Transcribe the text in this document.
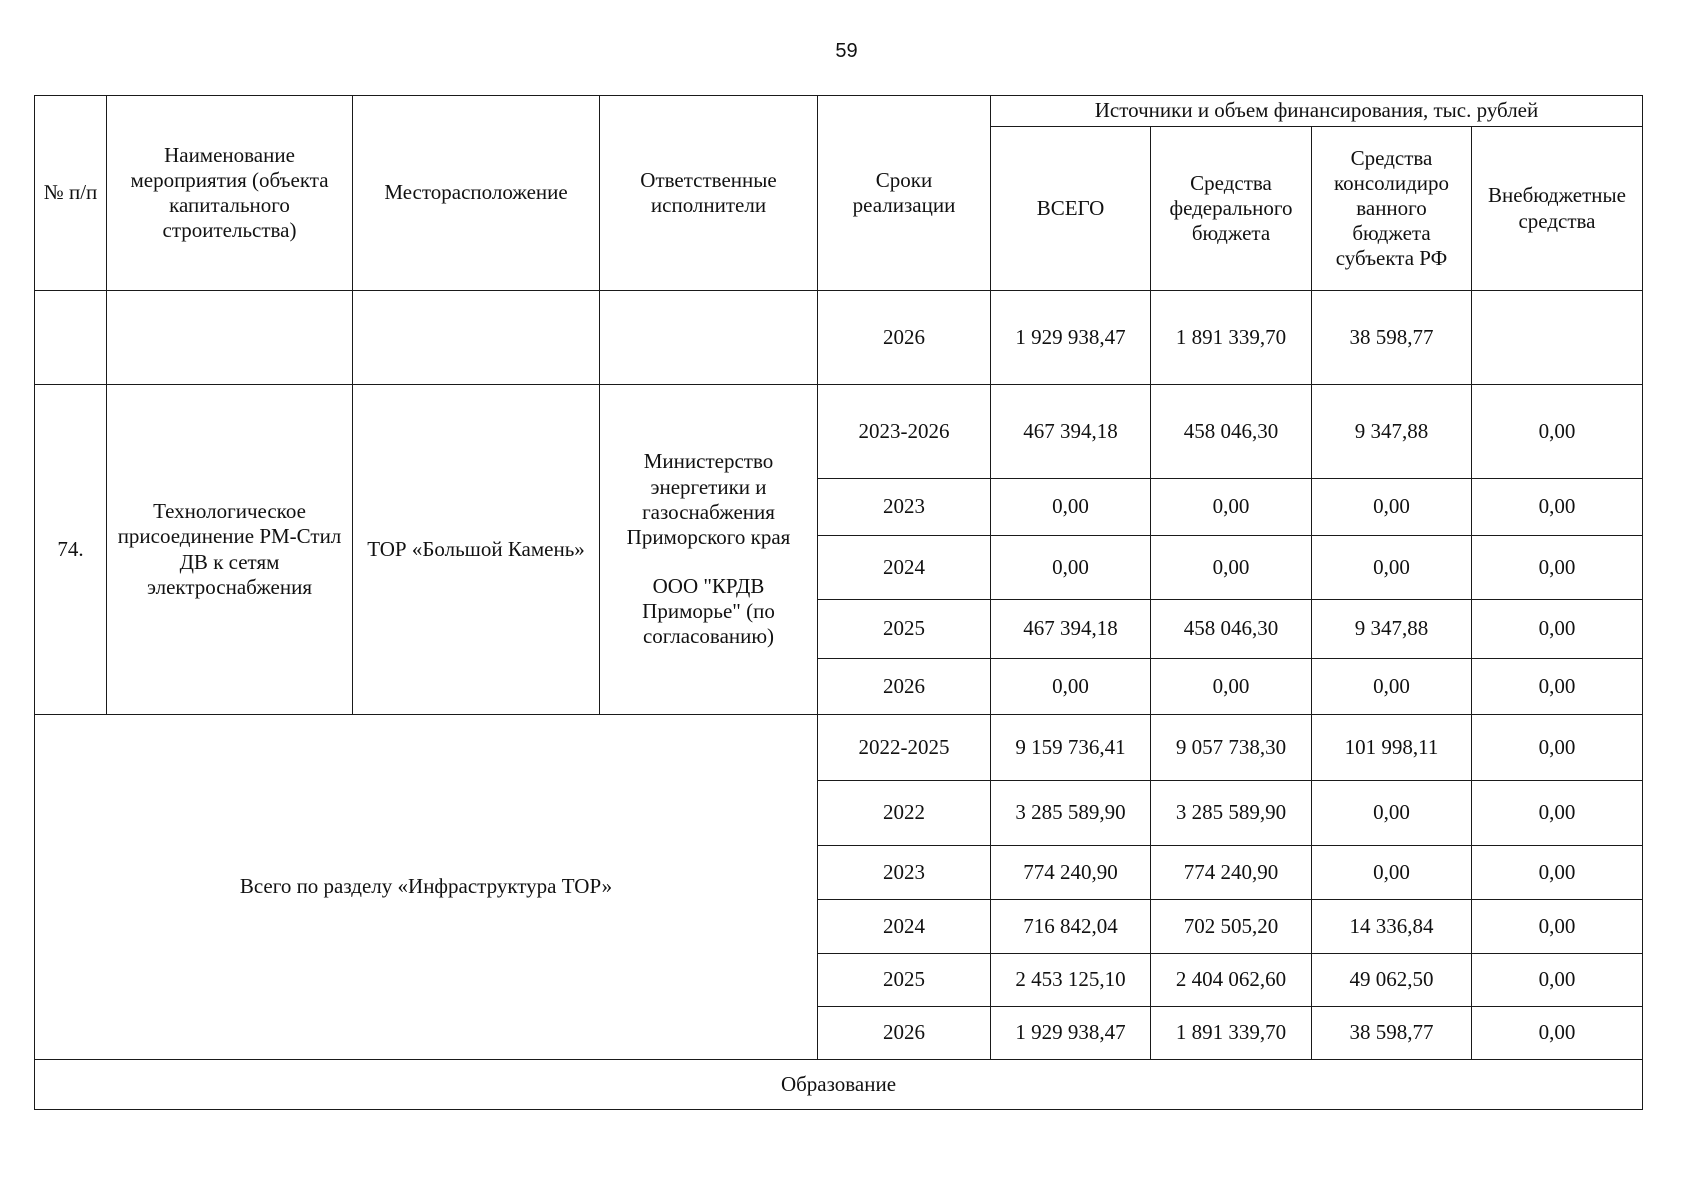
59
№ п/п	Наименование мероприятия (объекта капитального строительства)	Месторасположение	Ответственные исполнители	Сроки реализации	Источники и объем финансирования, тыс. рублей			
					ВСЕГО	Средства федерального бюджета	Средства консолидиро ванного бюджета субъекта РФ	Внебюджетные средства
				2026	1 929 938,47	1 891 339,70	38 598,77	
74.	Технологическое присоединение РМ-Стил ДВ к сетям электроснабжения	ТОР «Большой Камень»	Министерство энергетики и газоснабжения Приморского края
ООО "КРДВ Приморье" (по согласованию)	2023-2026	467 394,18	458 046,30	9 347,88	0,00
				2023	0,00	0,00	0,00	0,00
				2024	0,00	0,00	0,00	0,00
				2025	467 394,18	458 046,30	9 347,88	0,00
				2026	0,00	0,00	0,00	0,00
Всего по разделу «Инфраструктура ТОР»				2022-2025	9 159 736,41	9 057 738,30	101 998,11	0,00
				2022	3 285 589,90	3 285 589,90	0,00	0,00
				2023	774 240,90	774 240,90	0,00	0,00
				2024	716 842,04	702 505,20	14 336,84	0,00
				2025	2 453 125,10	2 404 062,60	49 062,50	0,00
				2026	1 929 938,47	1 891 339,70	38 598,77	0,00
Образование								
